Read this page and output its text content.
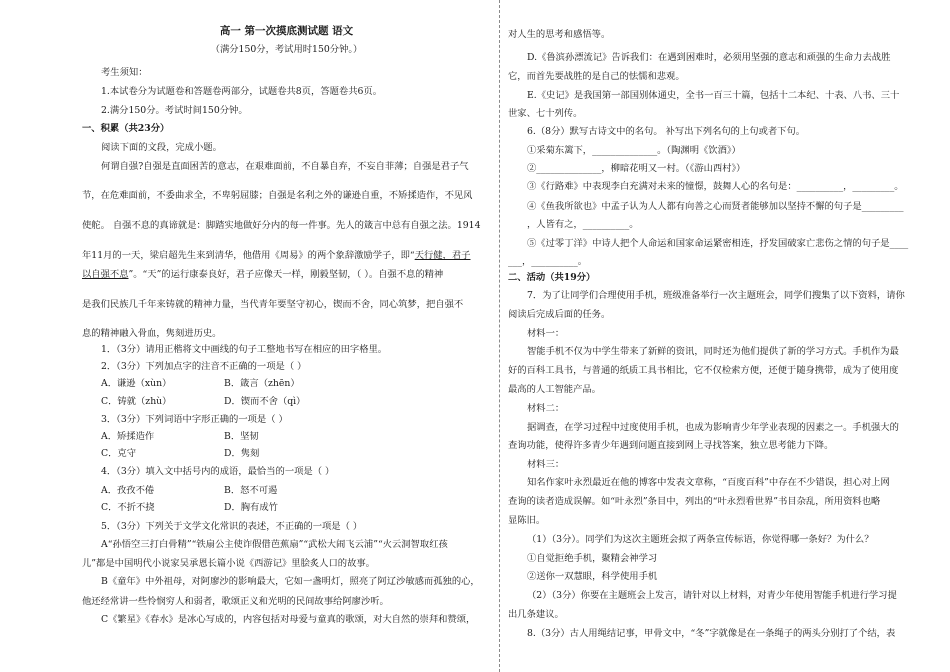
高一 第一次摸底测试题 语文

（满分150分，考试用时150分钟。）

考生须知：

1.本试卷分为试题卷和答题卷两部分，试题卷共8页，答题卷共6页。

2.满分150分。考试时间150分钟。

一、积累（共23分）

阅读下面的文段，完成小题。

何谓自强?自强是直面困苦的意志，在艰难面前，不自暴自弃，不妄自菲薄；自强是君子气

节，在危难面前，不委曲求全，不卑躬屈膝；自强是名利之外的谦逊自重，不矫揉造作，不见风

使舵。 自强不息的真谛就是：脚踏实地做好分内的每一件事。先人的箴言中总有自强之法。1914

年11月的一天，梁启超先生来到清华，他借用《周易》的两个象辞激励学子，即“天行健，君子

以自强不息”。“天”的运行康泰良好，君子应像天一样，刚毅坚韧，（ ）。自强不息的精神

是我们民族几千年来铸就的精神力量，当代青年要坚守初心，锲而不舍，同心筑梦，把自强不

息的精神融入骨血，隽刻进历史。

1．（3分）请用正楷将文中画线的句子工整地书写在相应的田字格里。

2．（3分）下列加点字的注音不正确的一项是（ ）

A．谦逊（xùn）	B．箴言（zhēn）
C．铸就（zhù）	D．锲而不舍（qì）

3．（3分）下列词语中字形正确的一项是（ ）

A．矫揉造作	B．坚韧
C．克守	D．隽刻

4．（3分）填入文中括号内的成语，最恰当的一项是（ ）

A．孜孜不倦	B．怒不可遏
C．不折不挠	D．胸有成竹

5．（3分）下列关于文学文化常识的表述，不正确的一项是（ ）

A“孙悟空三打白骨精”“铁扇公主使诈假借芭蕉扇”“武松大闹飞云浦”“火云洞智取红孩

儿”都是中国明代小说家吴承恩长篇小说《西游记》里脍炙人口的故事。

B《童年》中外祖母，对阿廖沙的影响最大，它如一盏明灯，照亮了阿辽沙敏感而孤独的心，

他还经常讲一些怜悯穷人和弱者，歌颂正义和光明的民间故事给阿廖沙听。

C《繁星》《春水》是冰心写成的，内容包括对母爱与童真的歌颂，对大自然的崇拜和赞颂，

对人生的思考和感悟等。

D.《鲁滨孙漂流记》告诉我们：在遇到困难时，必须用坚强的意志和顽强的生命力去战胜

它，而首先要战胜的是自己的怯懦和悲观。

E.《史记》是我国第一部国别体通史，全书一百三十篇，包括十二本纪、十表、八书、三十

世家、七十列传。

6.（8分）默写古诗文中的名句。 补写出下列名句的上句或者下句。

①采菊东篱下，______________。（陶渊明《饮酒》）

②______________，柳暗花明又一村。（《游山西村》）

③《行路难》中表现李白充满对未来的憧憬，鼓舞人心的名句是：__________，_________。

④《鱼我所欲也》中孟子认为人人都有向善之心而贤者能够加以坚持不懈的句子是_________

，人皆有之，__________。

⑤《过零丁洋》中诗人把个人命运和国家命运紧密相连，抒发国破家亡悲伤之情的句子是____

___，__________。

二、活动（共19分）

7．为了让同学们合理使用手机，班级准备举行一次主题班会，同学们搜集了以下资料，请你

阅读后完成后面的任务。

材料一：

智能手机不仅为中学生带来了新鲜的资讯，同时还为他们提供了新的学习方式。手机作为最

好的百科工具书，与普通的纸质工具书相比，它不仅检索方便，还便于随身携带，成为了使用度

最高的人工智能产品。

材料二：

据调查，在学习过程中过度使用手机，也成为影响青少年学业表现的因素之一。手机强大的

查询功能，使得许多青少年遇到问题直接到网上寻找答案，独立思考能力下降。

材料三：

知名作家叶永烈最近在他的博客中发表文章称，“百度百科”中存在不少错误，担心对上网

查询的读者造成误解。如“叶永烈”条目中，列出的“叶永烈看世界”书目杂乱，所用资料也略

显陈旧。

（1）（3分）。同学们为这次主题班会拟了两条宣传标语，你觉得哪一条好？为什么？

①自觉拒绝手机，聚精会神学习

②送你一双慧眼，科学使用手机

（2）（3分）你要在主题班会上发言，请针对以上材料，对青少年使用智能手机进行学习提

出几条建议。

8.（3分）古人用绳结记事，甲骨文中，“冬”字就像是在一条绳子的两头分别打了个结，表
